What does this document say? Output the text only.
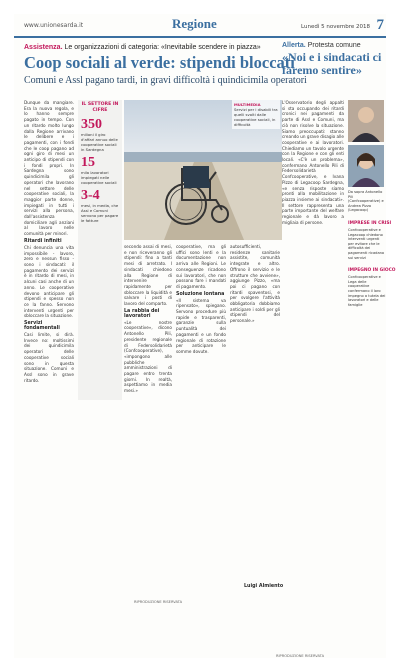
www.unionesarda.it	Regione	Lunedì 5 novembre 2018 7
Assistenza. Le organizzazioni di categoria: «Inevitabile scendere in piazza»
Coop sociali al verde: stipendi bloccati
Comuni e Assl pagano tardi, in gravi difficoltà i quindicimila operatori

Dunque da mangiare. Era la nuova regola, e lo hanno sempre pagato in tempo. Con un ritardo molto lungo dalla Regione arrivano le delibere e i pagamenti, con i fondi che le coop pagano ad ogni giro di mesi un anticipo di stipendi con i fondi propri. In Sardegna sono quindicimila gli operatori che lavorano nel settore delle cooperative sociali, la maggior parte donne, impiegati in tutti i servizi alla persona, dall'assistenza domiciliare agli anziani al lavoro nelle comunità per minori.

Ritardi infiniti

Chi denuncia una vita impossibile - lavoro, zero e nessun fisso - sono i sindacati: il pagamento dei servizi è in ritardo di mesi, in alcuni casi anche di un anno. Le cooperative devono anticipare gli stipendi e spesso non ce la fanno. Servono interventi urgenti per sbloccare la situazione.

Servizi fondamentali

Casi limite, si dirà. Invece no: moltissimi dei quindicimila operatori delle cooperative sociali sono in questa situazione. Comuni e Assl sono in grave ritardo.

IL SETTORE IN CIFRE
350
milioni il giro d'affari annuo delle cooperative sociali in Sardegna
15
mila lavoratori impiegati nelle cooperative sociali
3-4
mesi, in media, che Assl e Comuni servono per pagare le fatture
MULTIMEDIA
Servizi per i disabili tra quelli svolti dalle cooperative sociali, in difficoltà

secondo assai di mesi, e non riceveranno gli stipendi: fino a tanti mesi di arretrato. I sindacati chiedono alla Regione di intervenire rapidamente per sbloccare la liquidità e salvare i posti di lavoro del comparto.

La rabbia dei lavoratori

«Le nostre cooperative», dicono Antonello Pili, presidente regionale di Federsolidarietà (Confcooperative), «impongono alle pubbliche amministrazioni di pagare entro trenta giorni. In realtà, aspettiamo in media mesi.»

cooperative, ma gli uffici sono lenti e la documentazione non arriva alle Regioni. Le conseguenze ricadono sui lavoratori, che non possono fare i mandati di pagamento.

Soluzione lontana

«Il sistema va ripensato», spiegano. Servono procedure più rapide e trasparenti, garanzie sulla puntualità dei pagamenti e un fondo regionale di rotazione per anticipare le somme dovute.

autosufficienti, residenze sanitarie assistite, comunità integrate e altro. Offrono il servizio e le strutture che avviene», aggiunge Pizzo, «ma poi ci pagano con ritardi spaventosi, e per svolgere l'attività obbligatoria dobbiamo anticipare i soldi per gli stipendi del personale.»

Luigi Almiento
RIPRODUZIONE RISERVATA
Allerta. Protesta comune
«Noi e i sindacati ci faremo sentire»

L'Osservatorio degli appalti si sta occupando dei ritardi cronici nei pagamenti da parte di Assl e Comuni, ma ciò non risolve la situazione. Siamo preoccupati: stanno creando un grave disagio alle cooperative e ai lavoratori. Chiediamo un tavolo urgente con la Regione e con gli enti locali. «C'è un problema», confermano Antonello Pili di Federsolidarietà Confcooperative, e Ivana Pizzo di Legacoop Sardegna, «e senza risposte siamo pronti alla mobilitazione in piazza insieme ai sindacati». Il settore rappresenta una parte importante del welfare regionale e dà lavoro a migliaia di persone.

Da sopra Antonello Pili (Confcooperative) e Andrea Pizzo (Legacoop)
IMPRESE IN CRISI
Confcooperative e Legacoop chiedono interventi urgenti per evitare che le difficoltà dei pagamenti ricadano sui servizi
IMPEGNO IN GIOCO
Confcooperative e Lega delle cooperative confermano il loro impegno a tutela dei lavoratori e delle famiglie
RIPRODUZIONE RISERVATA
